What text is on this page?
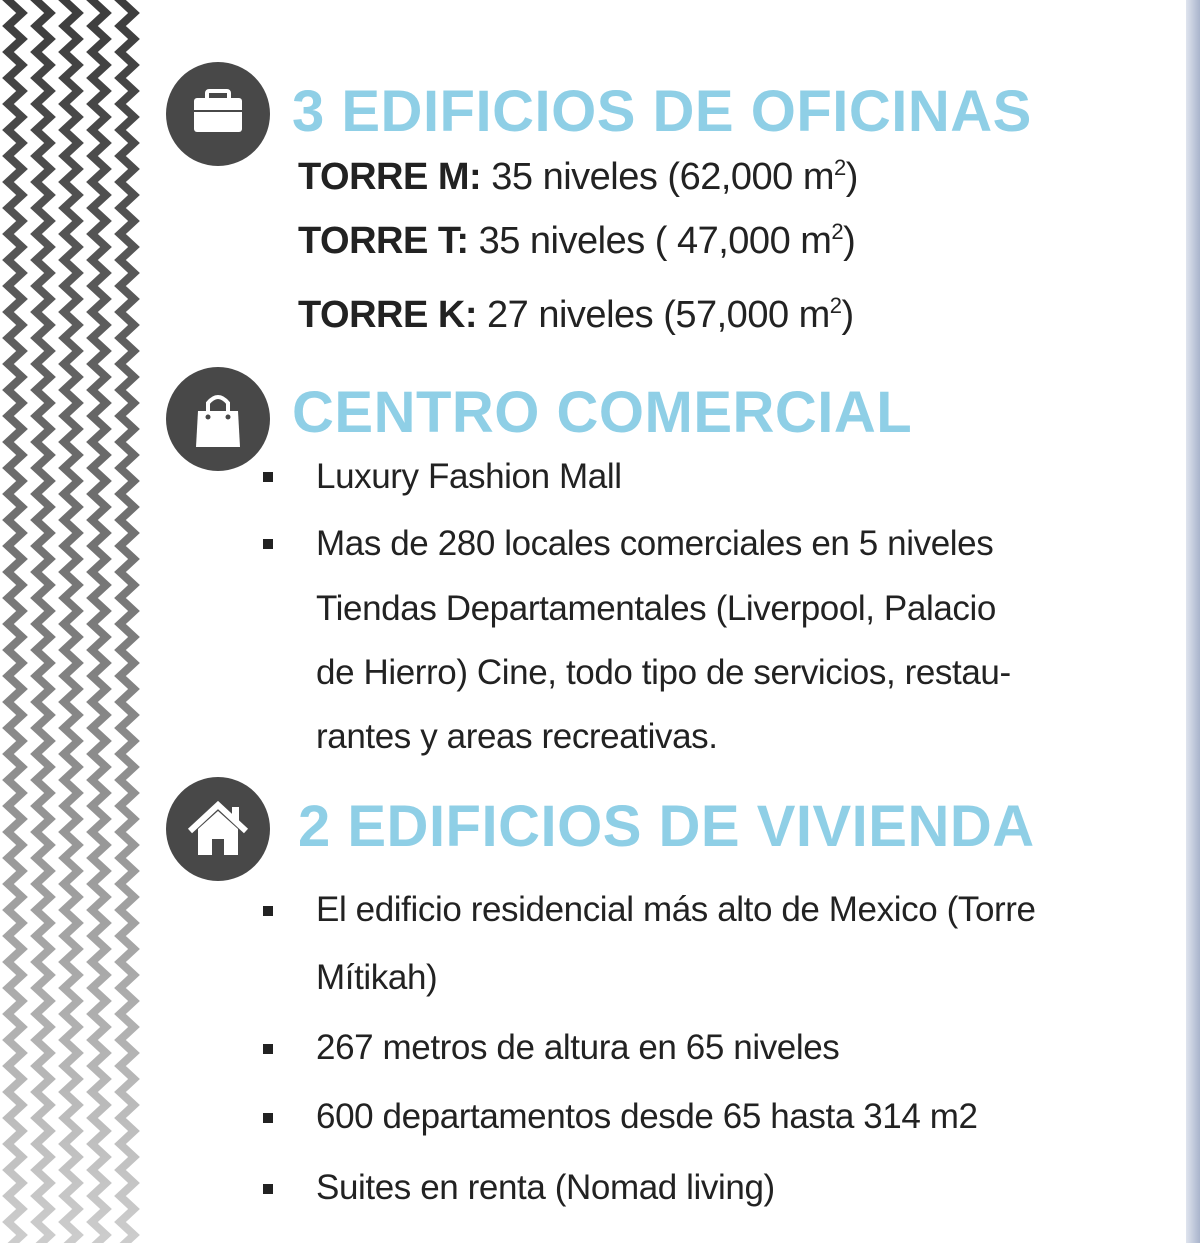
3 EDIFICIOS DE OFICINAS

TORRE M: 35 niveles (62,000 $m^2$)

TORRE T: 35 niveles ( 47,000 $m^2$)

TORRE K: 27 niveles (57,000 $m^2$)

CENTRO COMERCIAL
Luxury Fashion Mall
Mas de 280 locales comerciales en 5 niveles
Tiendas Departamentales (Liverpool, Palacio
de Hierro) Cine, todo tipo de servicios, restau-
rantes y areas recreativas.
2 EDIFICIOS DE VIVIENDA
El edificio residencial más alto de Mexico (Torre
Mítikah)
267 metros de altura en 65 niveles
600 departamentos desde 65 hasta 314 m2
Suites en renta (Nomad living)
